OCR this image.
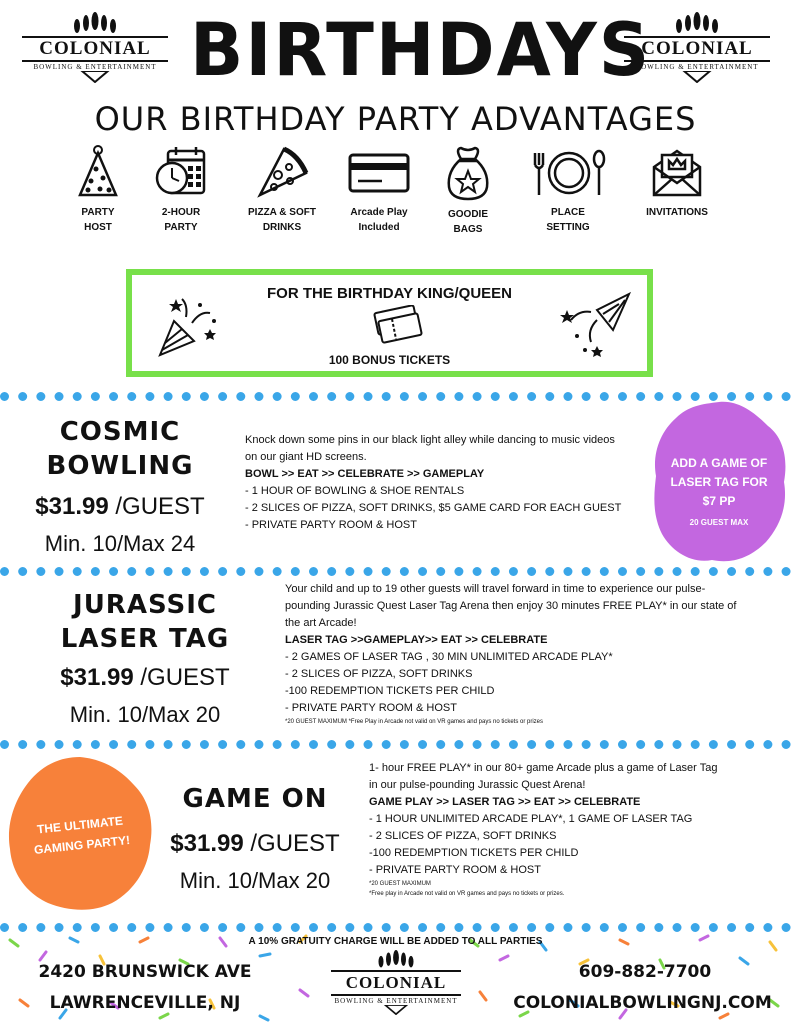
COLONIAL
BOWLING & ENTERTAINMENT
COLONIAL
BOWLING & ENTERTAINMENT
BIRTHDAYS
OUR BIRTHDAY PARTY ADVANTAGES
PARTY
HOST
2-HOUR
PARTY
PIZZA & SOFT
DRINKS
Arcade Play
Included
GOODIE
BAGS
PLACE
SETTING
INVITATIONS
FOR THE BIRTHDAY KING/QUEEN
100 BONUS TICKETS
COSMIC
BOWLING
$31.99 /GUEST
Min. 10/Max 24
Knock down some pins in our black light alley while dancing to music videos
on our giant HD screens.
BOWL >> EAT >> CELEBRATE >> GAMEPLAY
- 1 HOUR OF BOWLING & SHOE RENTALS
- 2 SLICES OF PIZZA, SOFT DRINKS, $5 GAME CARD FOR EACH GUEST
- PRIVATE PARTY ROOM & HOST
ADD A GAME OF
LASER TAG FOR
$7 PP
20 GUEST MAX
JURASSIC
LASER TAG
$31.99 /GUEST
Min. 10/Max 20
Your child and up to 19 other guests will travel forward in time to experience our pulse-
pounding Jurassic Quest Laser Tag Arena then enjoy 30 minutes FREE PLAY* in our state of
the art Arcade!
LASER TAG >>GAMEPLAY>> EAT >> CELEBRATE
- 2 GAMES OF LASER TAG , 30 MIN UNLIMITED ARCADE PLAY*
- 2 SLICES OF PIZZA, SOFT DRINKS
-100 REDEMPTION TICKETS PER CHILD
- PRIVATE PARTY ROOM & HOST
*20 GUEST MAXIMUM *Free Play in Arcade not valid on VR games and pays no tickets or prizes
THE ULTIMATE
GAMING PARTY!
GAME ON
$31.99 /GUEST
Min. 10/Max 20
1- hour FREE PLAY* in our 80+ game Arcade plus a game of Laser Tag
in our pulse-pounding Jurassic Quest Arena!
GAME PLAY >> LASER TAG >> EAT >> CELEBRATE
- 1 HOUR UNLIMITED ARCADE PLAY*, 1 GAME OF LASER TAG
- 2 SLICES OF PIZZA, SOFT DRINKS
-100 REDEMPTION TICKETS PER CHILD
- PRIVATE PARTY ROOM & HOST
*20 GUEST MAXIMUM
*Free play in Arcade not valid on VR games and pays no tickets or prizes.
A 10% GRATUITY CHARGE WILL BE ADDED TO ALL PARTIES
2420 BRUNSWICK AVE
LAWRENCEVILLE, NJ
COLONIAL
BOWLING & ENTERTAINMENT
609-882-7700
COLONIALBOWLINGNJ.COM
